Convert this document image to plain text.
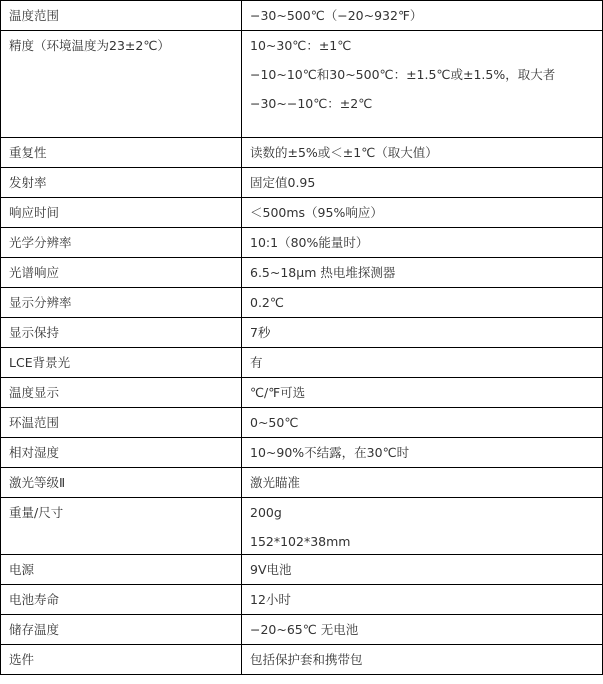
温度范围	−30~500℃（−20~932℉）

精度（环境温度为23±2℃）	10~30℃：±1℃
−10~10℃和30~500℃：±1.5℃或±1.5%，取大者
−30~−10℃：±2℃

重复性	读数的±5%或＜±1℃（取大值）

发射率	固定值0.95

响应时间	＜500ms（95%响应）

光学分辨率	10:1（80%能量时）

光谱响应	6.5~18μm 热电堆探测器

显示分辨率	0.2℃

显示保持	7秒

LCE背景光	有

温度显示	℃/℉可选

环温范围	0~50℃

相对湿度	10~90%不结露，在30℃时

激光等级Ⅱ	激光瞄准

重量/尺寸	200g
152*102*38mm

电源	9V电池

电池寿命	12小时

储存温度	−20~65℃ 无电池

选件	包括保护套和携带包
